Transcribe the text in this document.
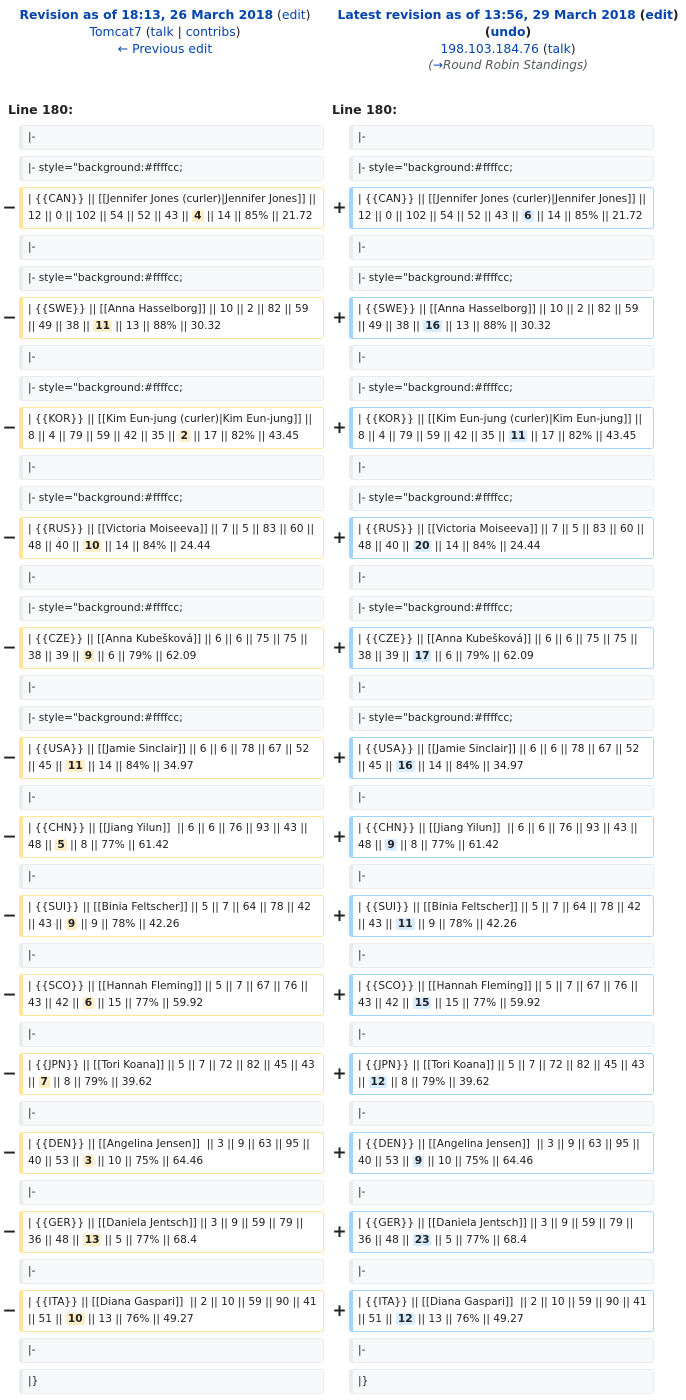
Revision as of 18:13, 26 March 2018 (edit)
Tomcat7 (talk | contribs)
← Previous edit
Latest revision as of 13:56, 29 March 2018 (edit)
(undo)
198.103.184.76 (talk)
(→Round Robin Standings)
Line 180:	Line 180:
|-	|-
|- style="background:#ffffcc;	|- style="background:#ffffcc;
−	| {{CAN}} || [[Jennifer Jones (curler)|Jennifer Jones]] || 12 || 0 || 102 || 54 || 52 || 43 || 4 || 14 || 85% || 21.72	+	| {{CAN}} || [[Jennifer Jones (curler)|Jennifer Jones]] || 12 || 0 || 102 || 54 || 52 || 43 || 6 || 14 || 85% || 21.72
|-	|-
|- style="background:#ffffcc;	|- style="background:#ffffcc;
−	| {{SWE}} || [[Anna Hasselborg]] || 10 || 2 || 82 || 59 || 49 || 38 || 11 || 13 || 88% || 30.32	+	| {{SWE}} || [[Anna Hasselborg]] || 10 || 2 || 82 || 59 || 49 || 38 || 16 || 13 || 88% || 30.32
|-	|-
|- style="background:#ffffcc;	|- style="background:#ffffcc;
−	| {{KOR}} || [[Kim Eun-jung (curler)|Kim Eun-jung]] || 8 || 4 || 79 || 59 || 42 || 35 || 2 || 17 || 82% || 43.45	+	| {{KOR}} || [[Kim Eun-jung (curler)|Kim Eun-jung]] || 8 || 4 || 79 || 59 || 42 || 35 || 11 || 17 || 82% || 43.45
|-	|-
|- style="background:#ffffcc;	|- style="background:#ffffcc;
−	| {{RUS}} || [[Victoria Moiseeva]] || 7 || 5 || 83 || 60 || 48 || 40 || 10 || 14 || 84% || 24.44	+	| {{RUS}} || [[Victoria Moiseeva]] || 7 || 5 || 83 || 60 || 48 || 40 || 20 || 14 || 84% || 24.44
|-	|-
|- style="background:#ffffcc;	|- style="background:#ffffcc;
−	| {{CZE}} || [[Anna Kubešková]] || 6 || 6 || 75 || 75 || 38 || 39 || 9 || 6 || 79% || 62.09	+	| {{CZE}} || [[Anna Kubešková]] || 6 || 6 || 75 || 75 || 38 || 39 || 17 || 6 || 79% || 62.09
|-	|-
|- style="background:#ffffcc;	|- style="background:#ffffcc;
−	| {{USA}} || [[Jamie Sinclair]] || 6 || 6 || 78 || 67 || 52 || 45 || 11 || 14 || 84% || 34.97	+	| {{USA}} || [[Jamie Sinclair]] || 6 || 6 || 78 || 67 || 52 || 45 || 16 || 14 || 84% || 34.97
|-	|-
−	| {{CHN}} || [[Jiang Yilun]]  || 6 || 6 || 76 || 93 || 43 || 48 || 5 || 8 || 77% || 61.42	+	| {{CHN}} || [[Jiang Yilun]]  || 6 || 6 || 76 || 93 || 43 || 48 || 9 || 8 || 77% || 61.42
|-	|-
−	| {{SUI}} || [[Binia Feltscher]] || 5 || 7 || 64 || 78 || 42 || 43 || 9 || 9 || 78% || 42.26	+	| {{SUI}} || [[Binia Feltscher]] || 5 || 7 || 64 || 78 || 42 || 43 || 11 || 9 || 78% || 42.26
|-	|-
−	| {{SCO}} || [[Hannah Fleming]] || 5 || 7 || 67 || 76 || 43 || 42 || 6 || 15 || 77% || 59.92	+	| {{SCO}} || [[Hannah Fleming]] || 5 || 7 || 67 || 76 || 43 || 42 || 15 || 15 || 77% || 59.92
|-	|-
−	| {{JPN}} || [[Tori Koana]] || 5 || 7 || 72 || 82 || 45 || 43 || 7 || 8 || 79% || 39.62	+	| {{JPN}} || [[Tori Koana]] || 5 || 7 || 72 || 82 || 45 || 43 || 12 || 8 || 79% || 39.62
|-	|-
−	| {{DEN}} || [[Angelina Jensen]]  || 3 || 9 || 63 || 95 || 40 || 53 || 3 || 10 || 75% || 64.46	+	| {{DEN}} || [[Angelina Jensen]]  || 3 || 9 || 63 || 95 || 40 || 53 || 9 || 10 || 75% || 64.46
|-	|-
−	| {{GER}} || [[Daniela Jentsch]] || 3 || 9 || 59 || 79 || 36 || 48 || 13 || 5 || 77% || 68.4	+	| {{GER}} || [[Daniela Jentsch]] || 3 || 9 || 59 || 79 || 36 || 48 || 23 || 5 || 77% || 68.4
|-	|-
−	| {{ITA}} || [[Diana Gaspari]]  || 2 || 10 || 59 || 90 || 41 || 51 || 10 || 13 || 76% || 49.27	+	| {{ITA}} || [[Diana Gaspari]]  || 2 || 10 || 59 || 90 || 41 || 51 || 12 || 13 || 76% || 49.27
|-	|-
|}	|}
